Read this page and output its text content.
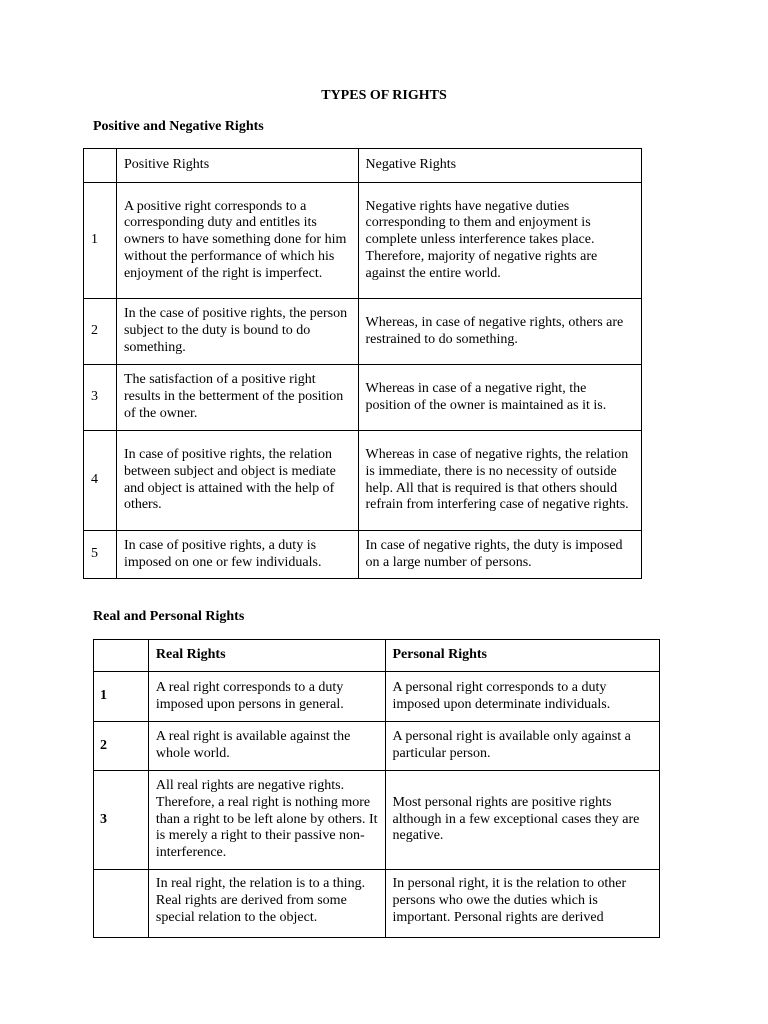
TYPES OF RIGHTS
Positive and Negative Rights
	Positive Rights	Negative Rights
1	A positive right corresponds to a corresponding duty and entitles its owners to have something done for him without the performance of which his enjoyment of the right is imperfect.	Negative rights have negative duties corresponding to them and enjoyment is complete unless interference takes place. Therefore, majority of negative rights are against the entire world.
2	In the case of positive rights, the person subject to the duty is bound to do something.	Whereas, in case of negative rights, others are restrained to do something.
3	The satisfaction of a positive right results in the betterment of the position of the owner.	Whereas in case of a negative right, the position of the owner is maintained as it is.
4	In case of positive rights, the relation between subject and object is mediate and object is attained with the help of others.	Whereas in case of negative rights, the relation is immediate, there is no necessity of outside help. All that is required is that others should refrain from interfering case of negative rights.
5	In case of positive rights, a duty is imposed on one or few individuals.	In case of negative rights, the duty is imposed on a large number of persons.
Real and Personal Rights
	Real Rights	Personal Rights
1	A real right corresponds to a duty imposed upon persons in general.	A personal right corresponds to a duty imposed upon determinate individuals.
2	A real right is available against the whole world.	A personal right is available only against a particular person.
3	All real rights are negative rights. Therefore, a real right is nothing more than a right to be left alone by others. It is merely a right to their passive non-interference.	Most personal rights are positive rights although in a few exceptional cases they are negative.
	In real right, the relation is to a thing. Real rights are derived from some special relation to the object.	In personal right, it is the relation to other persons who owe the duties which is important. Personal rights are derived
